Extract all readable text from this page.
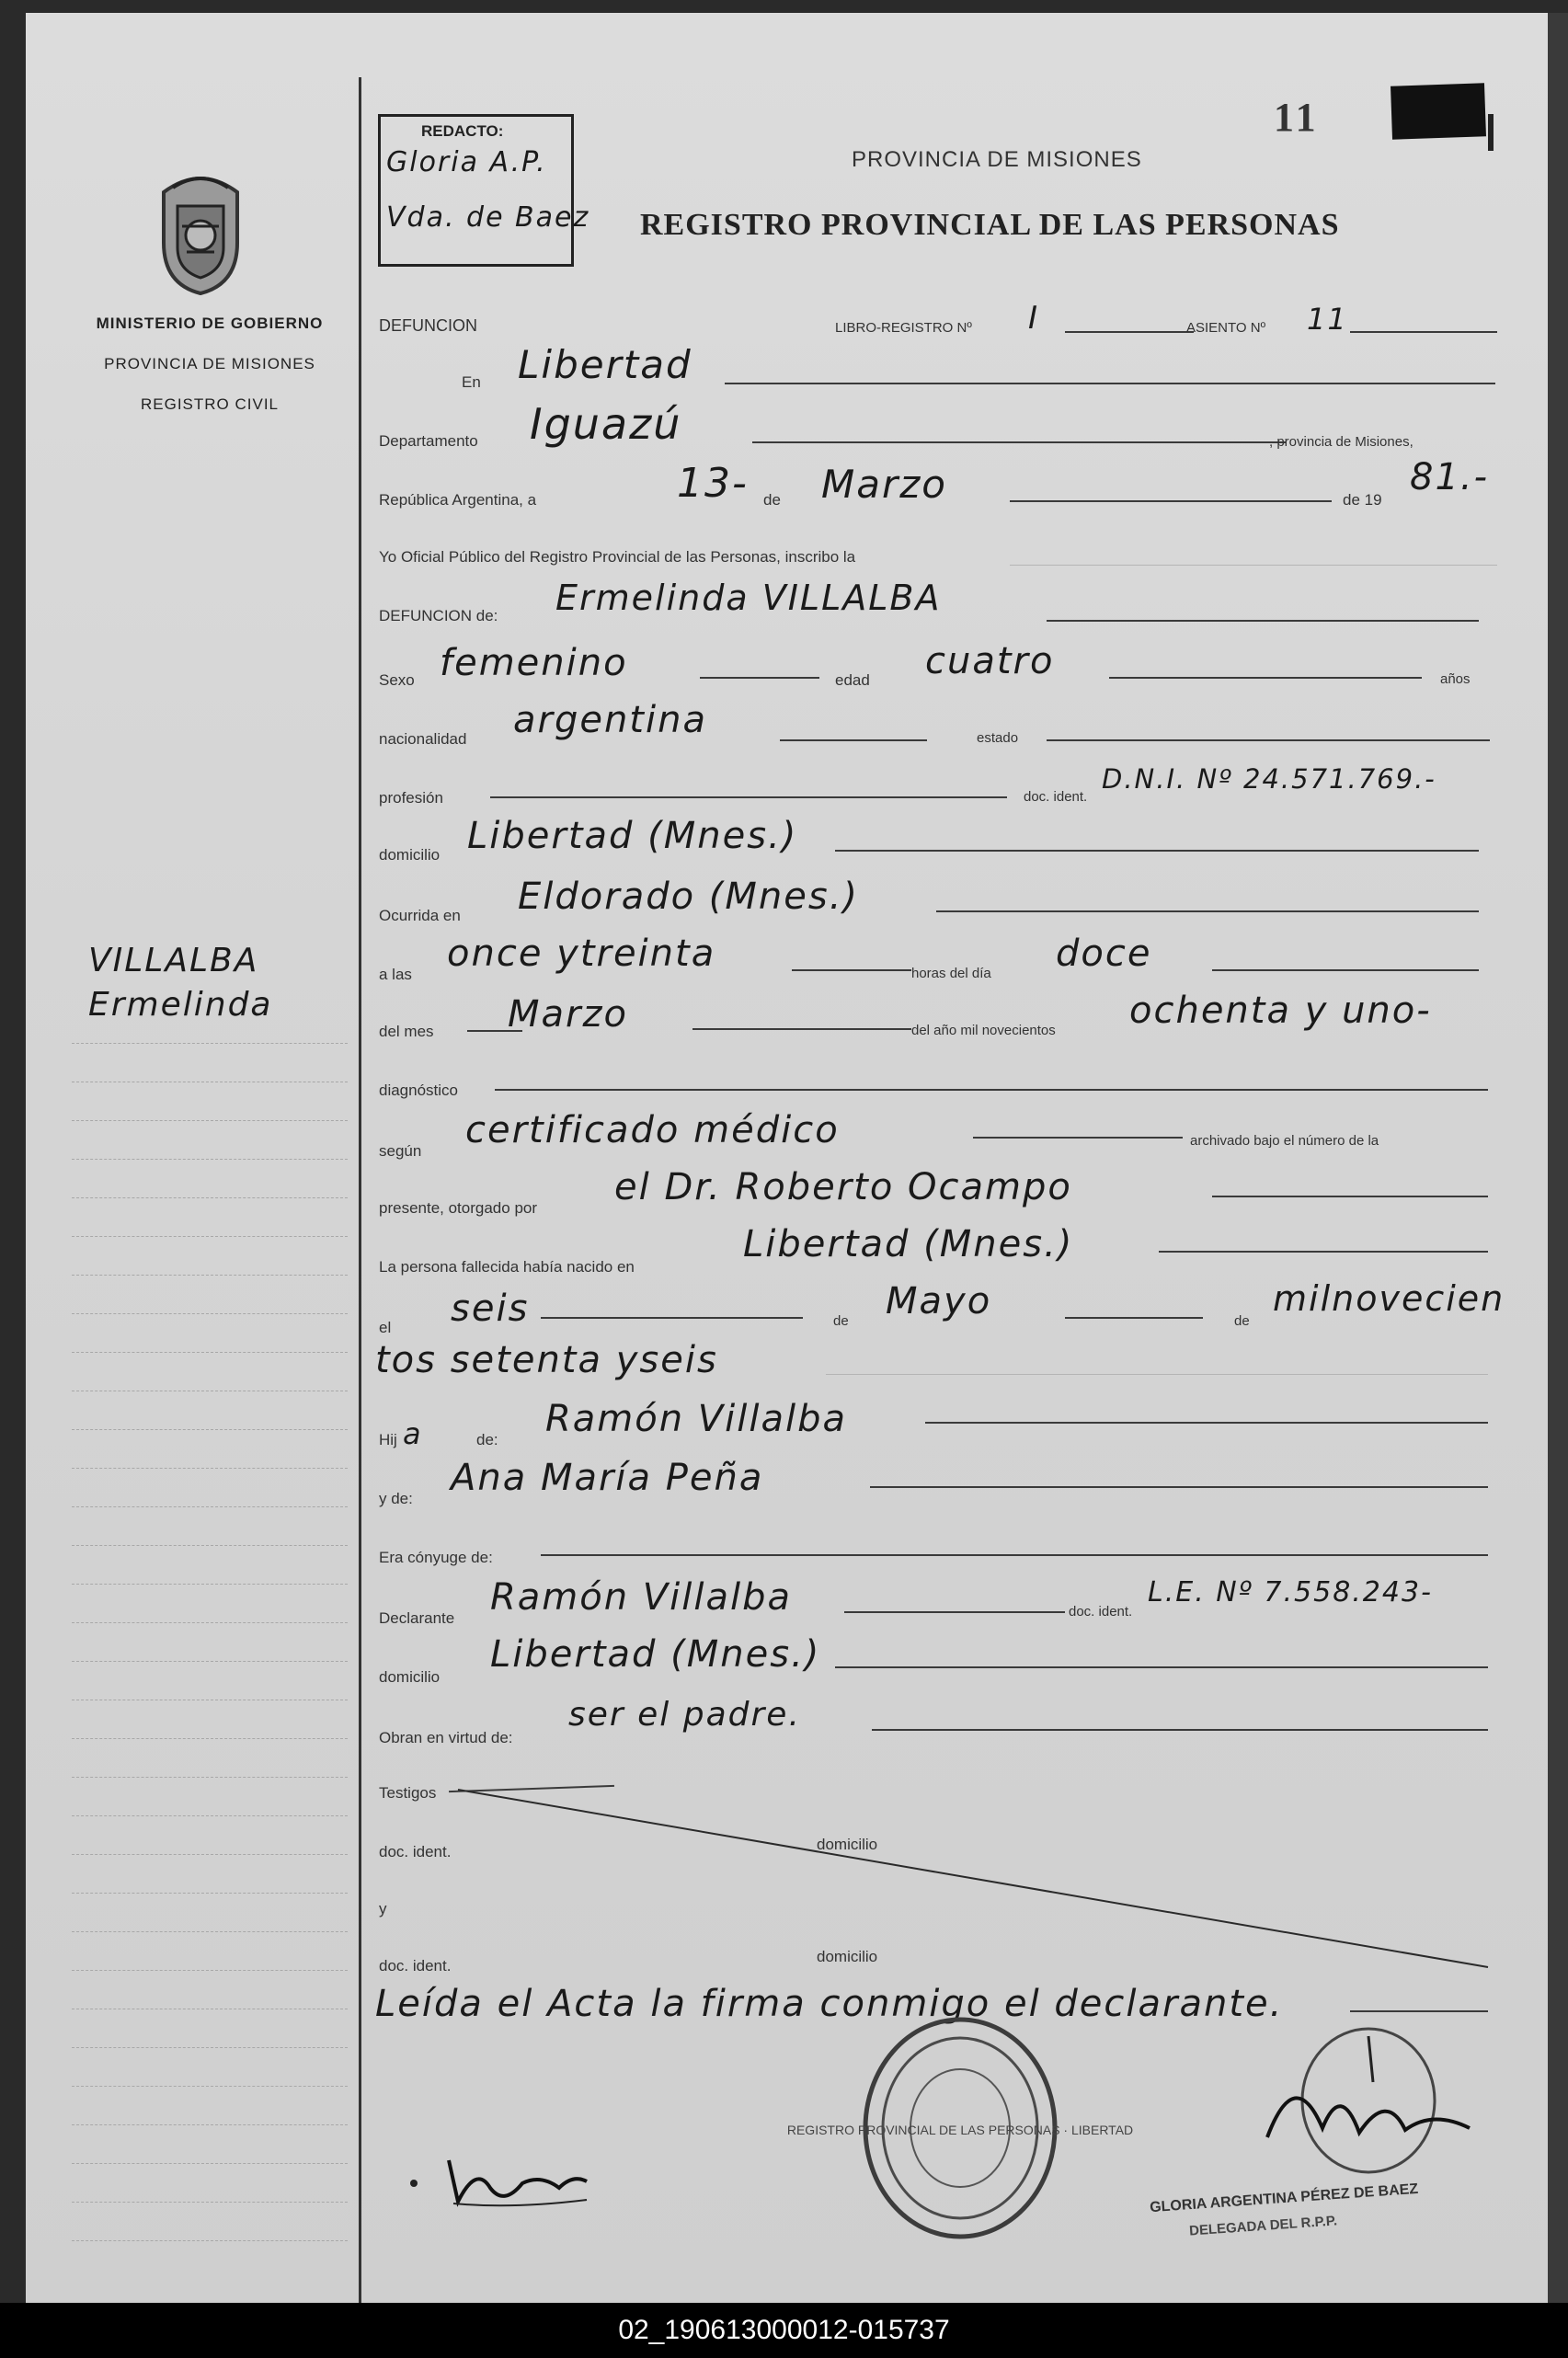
MINISTERIO DE GOBIERNO
PROVINCIA DE MISIONES
REGISTRO CIVIL
VILLALBA
Ermelinda
REDACTO:
Gloria A.P.
Vda. de Baez
11
PROVINCIA DE MISIONES
REGISTRO PROVINCIAL DE LAS PERSONAS
DEFUNCION	LIBRO-REGISTRO Nº I	ASIENTO Nº 11
En Libertad
Departamento Iguazú	, provincia de Misiones,
República Argentina, a	13- de Marzo	de 19
81.-
Yo Oficial Público del Registro Provincial de las Personas, inscribo la
DEFUNCION de: Ermelinda VILLALBA
Sexo femenino	edad cuatro	años
nacionalidad argentina	estado
profesión	doc. ident.
D.N.I. Nº 24.571.769.-
domicilio Libertad (Mnes.)
Ocurrida en Eldorado (Mnes.)
a las once ytreinta	horas del día doce
del mes Marzo	del año mil novecientos ochenta y uno-
diagnóstico
según certificado médico	archivado bajo el número de la
presente, otorgado por el Dr. Roberto Ocampo
La persona fallecida había nacido en
Libertad (Mnes.)
el seis	de Mayo	de
milnovecien
tos setenta yseis
Hij a	de: Ramón Villalba
y de: Ana María Peña
Era cónyuge de:
Declarante Ramón Villalba	doc. ident.
L.E. Nº 7.558.243-
domicilio
Libertad (Mnes.)
Obran en virtud de:
ser el padre.
Testigos
doc. ident.	domicilio
y
doc. ident.
domicilio
Leída el Acta la firma conmigo el declarante.
REGISTRO PROVINCIAL DE LAS PERSONAS · LIBERTAD
GLORIA ARGENTINA PÉREZ DE BAEZ
DELEGADA DEL R.P.P.
02_190613000012-015737
